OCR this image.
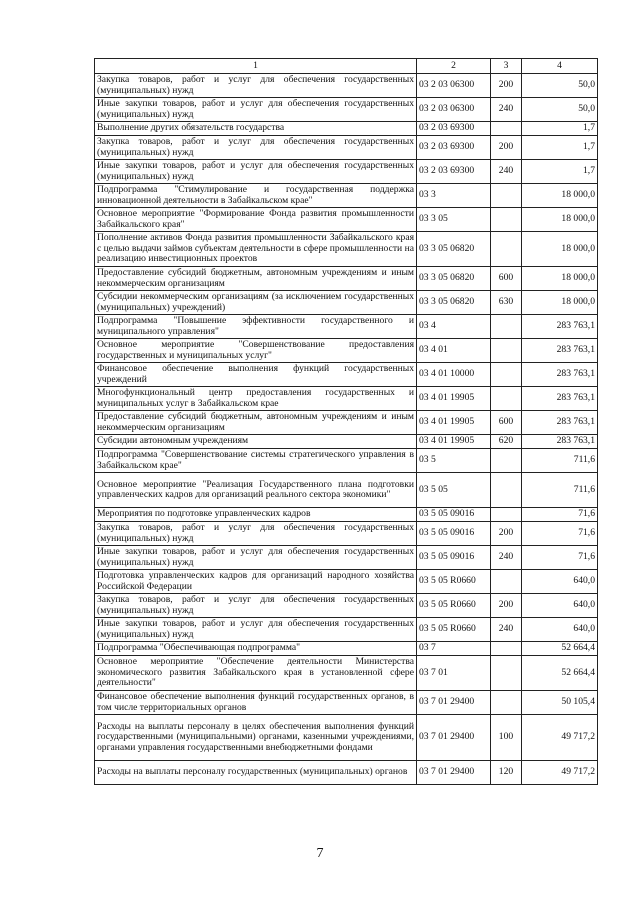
1	2	3	4
Закупка товаров, работ и услуг для обеспечения государственных (муниципальных) нужд	03 2 03 06300	200	50,0
Иные закупки товаров, работ и услуг для обеспечения государственных (муниципальных) нужд	03 2 03 06300	240	50,0
Выполнение других обязательств государства	03 2 03 69300		1,7
Закупка товаров, работ и услуг для обеспечения государственных (муниципальных) нужд	03 2 03 69300	200	1,7
Иные закупки товаров, работ и услуг для обеспечения государственных (муниципальных) нужд	03 2 03 69300	240	1,7
Подпрограмма "Стимулирование и государственная поддержка инновационной деятельности в Забайкальском крае"	03 3		18 000,0
Основное мероприятие "Формирование Фонда развития промышленности Забайкальского края"	03 3 05		18 000,0
Пополнение активов Фонда развития промышленности Забайкальского края с целью выдачи займов субъектам деятельности в сфере промышленности на реализацию инвестиционных проектов	03 3 05 06820		18 000,0
Предоставление субсидий бюджетным, автономным учреждениям и иным некоммерческим организациям	03 3 05 06820	600	18 000,0
Субсидии некоммерческим организациям (за исключением государственных (муниципальных) учреждений)	03 3 05 06820	630	18 000,0
Подпрограмма "Повышение эффективности государственного и муниципального управления"	03 4		283 763,1
Основное мероприятие "Совершенствование предоставления государственных и муниципальных услуг"	03 4 01		283 763,1
Финансовое обеспечение выполнения функций государственных учреждений	03 4 01 10000		283 763,1
Многофункциональный центр предоставления государственных и муниципальных услуг в Забайкальском крае	03 4 01 19905		283 763,1
Предоставление субсидий бюджетным, автономным учреждениям и иным некоммерческим организациям	03 4 01 19905	600	283 763,1
Субсидии автономным учреждениям	03 4 01 19905	620	283 763,1
Подпрограмма "Совершенствование системы стратегического управления в Забайкальском крае"	03 5		711,6
Основное мероприятие "Реализация Государственного плана подготовки управленческих кадров для организаций реального сектора экономики"	03 5 05		711,6
Мероприятия по подготовке управленческих кадров	03 5 05 09016		71,6
Закупка товаров, работ и услуг для обеспечения государственных (муниципальных) нужд	03 5 05 09016	200	71,6
Иные закупки товаров, работ и услуг для обеспечения государственных (муниципальных) нужд	03 5 05 09016	240	71,6
Подготовка управленческих кадров для организаций народного хозяйства Российской Федерации	03 5 05 R0660		640,0
Закупка товаров, работ и услуг для обеспечения государственных (муниципальных) нужд	03 5 05 R0660	200	640,0
Иные закупки товаров, работ и услуг для обеспечения государственных (муниципальных) нужд	03 5 05 R0660	240	640,0
Подпрограмма "Обеспечивающая подпрограмма"	03 7		52 664,4
Основное мероприятие "Обеспечение деятельности Министерства экономического развития Забайкальского края в установленной сфере деятельности"	03 7 01		52 664,4
Финансовое обеспечение выполнения функций государственных органов, в том числе территориальных органов	03 7 01 29400		50 105,4
Расходы на выплаты персоналу в целях обеспечения выполнения функций государственными (муниципальными) органами, казенными учреждениями, органами управления государственными внебюджетными фондами	03 7 01 29400	100	49 717,2
Расходы на выплаты персоналу государственных (муниципальных) органов	03 7 01 29400	120	49 717,2
7
